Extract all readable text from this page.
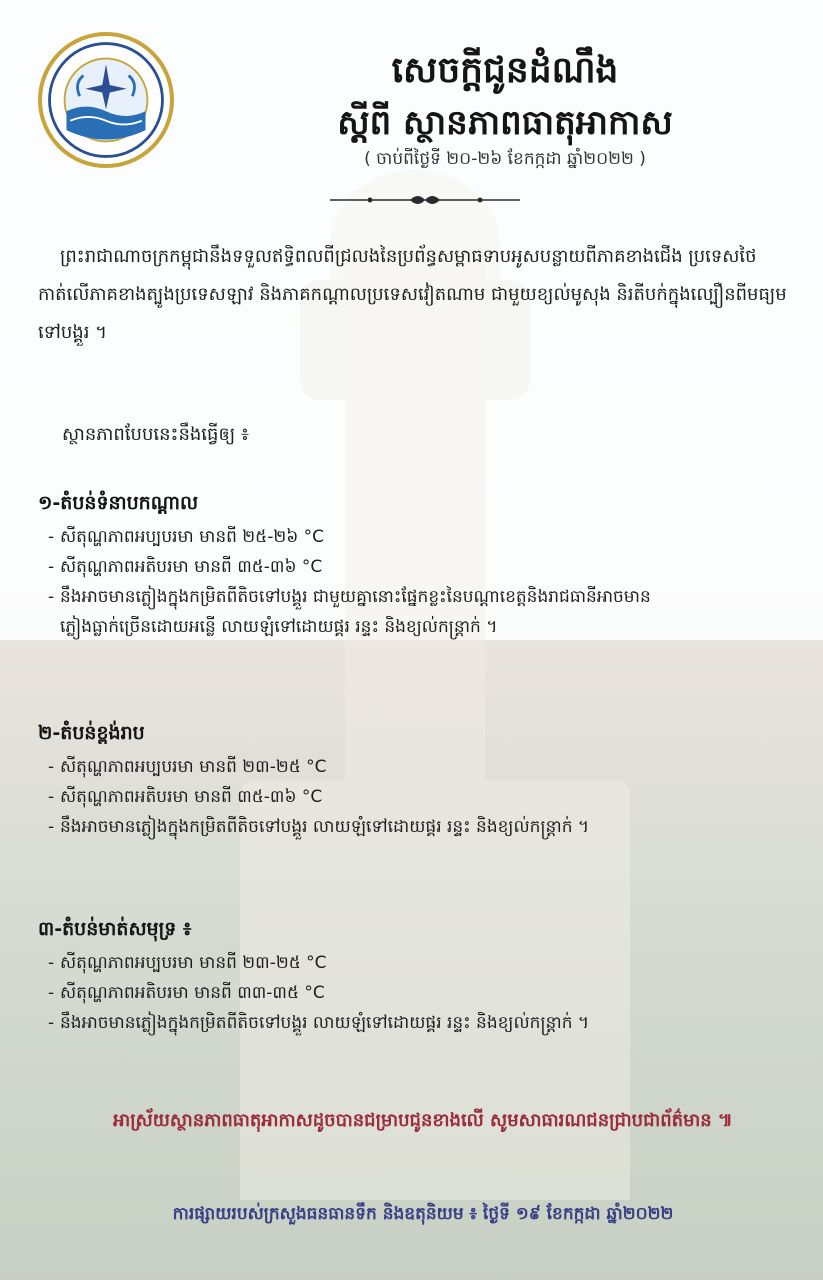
សេចក្តីជូនដំណឹង
ស្តីពី ស្ថានភាពធាតុអាកាស
( ចាប់ពីថ្ងៃទី ២០-២៦ ខែកក្កដា ឆ្នាំ២០២២ )
ព្រះរាជាណាចក្រកម្ពុជានឹងទទួលឥទ្ធិពលពីជ្រលងនៃប្រព័ន្ធសម្ពាធទាបអូសបន្លាយពីភាគខាងជើង ប្រទេសថៃកាត់លើភាគខាងត្បូងប្រទេសឡាវ និងភាគកណ្តាលប្រទេសវៀតណាម ជាមួយខ្យល់មូសុង និរតីបក់ក្នុងល្បឿនពីមធ្យមទៅបង្គួរ ។
ស្ថានភាពបែបនេះនឹងធ្វើឲ្យ ៖
១-តំបន់ទំនាបកណ្តាល
- សីតុណ្ហភាពអប្បបរមា មានពី ២៥-២៦ °C
- សីតុណ្ហភាពអតិបរមា មានពី ៣៥-៣៦ °C
- នឹងអាចមានភ្លៀងក្នុងកម្រិតពីតិចទៅបង្គួរ ជាមួយគ្នានោះផ្នែកខ្លះនៃបណ្តាខេត្តនិងរាជធានីអាចមាន
ភ្លៀងធ្លាក់ច្រើនដោយអន្លើ លាយឡំទៅដោយផ្គរ រន្ទះ និងខ្យល់កន្ត្រាក់ ។
២-តំបន់ខ្ពង់រាប
- សីតុណ្ហភាពអប្បបរមា មានពី ២៣-២៥ °C
- សីតុណ្ហភាពអតិបរមា មានពី ៣៥-៣៦ °C
- នឹងអាចមានភ្លៀងក្នុងកម្រិតពីតិចទៅបង្គួរ លាយឡំទៅដោយផ្គរ រន្ទះ និងខ្យល់កន្ត្រាក់ ។
៣-តំបន់មាត់សមុទ្រ ៖
- សីតុណ្ហភាពអប្បបរមា មានពី ២៣-២៥ °C
- សីតុណ្ហភាពអតិបរមា មានពី ៣៣-៣៥ °C
- នឹងអាចមានភ្លៀងក្នុងកម្រិតពីតិចទៅបង្គួរ លាយឡំទៅដោយផ្គរ រន្ទះ និងខ្យល់កន្ត្រាក់ ។
អាស្រ័យស្ថានភាពធាតុអាកាសដូចបានជម្រាបជូនខាងលើ សូមសាធារណជនជ្រាបជាព័ត៌មាន ៕
ការផ្សាយរបស់ក្រសួងធនធានទឹក និងឧតុនិយម ៖ ថ្ងៃទី ១៩ ខែកក្កដា ឆ្នាំ២០២២
